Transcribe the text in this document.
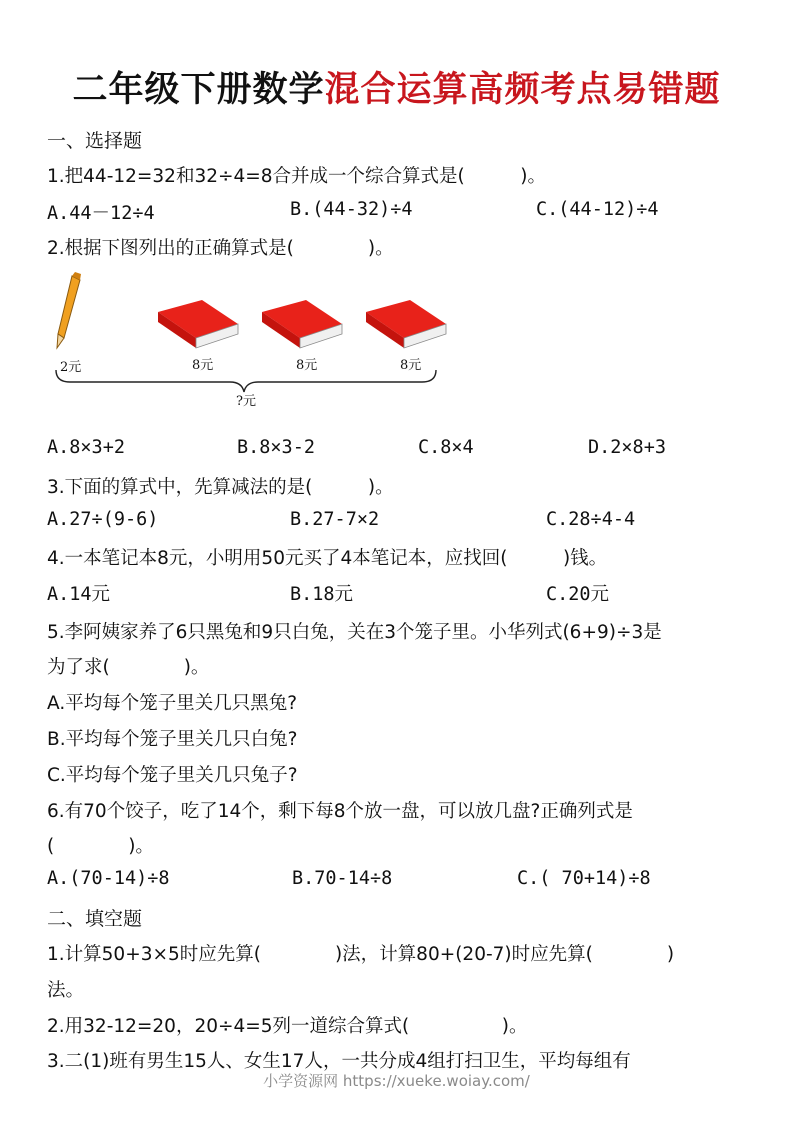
二年级下册数学混合运算高频考点易错题
一、选择题
1.把44-12=32和32÷4=8合并成一个综合算式是(　　　)。
A.44－12÷4	B.(44-32)÷4	C.(44-12)÷4
2.根据下图列出的正确算式是(　　　　)。
2元	8元	8元	8元
?元
A.8×3+2	B.8×3-2	C.8×4	D.2×8+3
3.下面的算式中，先算减法的是(　　　)。
A.27÷(9-6)	B.27-7×2	C.28÷4-4
4.一本笔记本8元，小明用50元买了4本笔记本，应找回(　　　)钱。
A.14元	B.18元	C.20元
5.李阿姨家养了6只黑兔和9只白兔，关在3个笼子里。小华列式(6+9)÷3是
为了求(　　　　)。
A.平均每个笼子里关几只黑兔?
B.平均每个笼子里关几只白兔?
C.平均每个笼子里关几只兔子?
6.有70个饺子，吃了14个，剩下每8个放一盘，可以放几盘?正确列式是
(　　　　)。
A.(70-14)÷8	B.70-14÷8	C.( 70+14)÷8
二、填空题
1.计算50+3×5时应先算(　　　　)法，计算80+(20-7)时应先算(　　　　)
法。
2.用32-12=20，20÷4=5列一道综合算式(　　　　　)。
3.二(1)班有男生15人、女生17人，一共分成4组打扫卫生，平均每组有
小学资源网 https://xueke.woiay.com/
